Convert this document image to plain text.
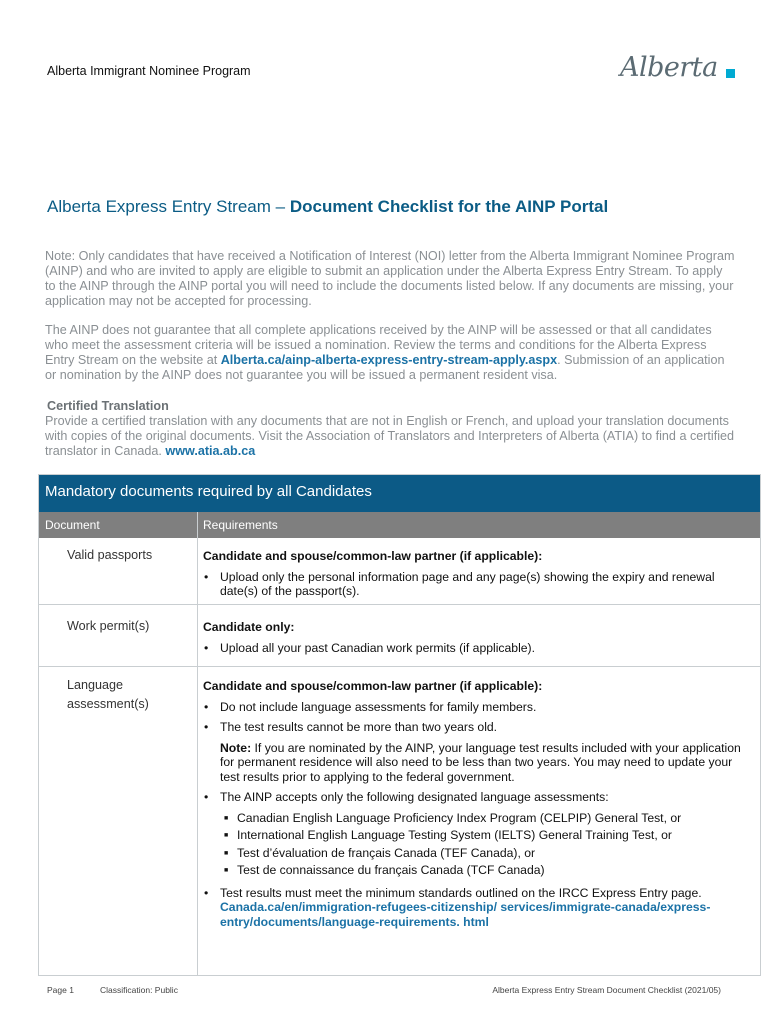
Alberta Immigrant Nominee Program	Alberta
Alberta Express Entry Stream – Document Checklist for the AINP Portal

Note: Only candidates that have received a Notification of Interest (NOI) letter from the Alberta Immigrant Nominee Program (AINP) and who are invited to apply are eligible to submit an application under the Alberta Express Entry Stream. To apply to the AINP through the AINP portal you will need to include the documents listed below. If any documents are missing, your application may not be accepted for processing.

The AINP does not guarantee that all complete applications received by the AINP will be assessed or that all candidates who meet the assessment criteria will be issued a nomination. Review the terms and conditions for the Alberta Express Entry Stream on the website at Alberta.ca/ainp-alberta-express-entry-stream-apply.aspx. Submission of an application or nomination by the AINP does not guarantee you will be issued a permanent resident visa.

Certified Translation

Provide a certified translation with any documents that are not in English or French, and upload your translation documents with copies of the original documents. Visit the Association of Translators and Interpreters of Alberta (ATIA) to find a certified translator in Canada. www.atia.ab.ca

Mandatory documents required by all Candidates
Document	Requirements
Valid passports	Candidate and spouse/common-law partner (if applicable):
• Upload only the personal information page and any page(s) showing the expiry and renewal date(s) of the passport(s).
Work permit(s)	Candidate only:
• Upload all your past Canadian work permits (if applicable).
Language assessment(s)
Candidate and spouse/common-law partner (if applicable):
• Do not include language assessments for family members.
• The test results cannot be more than two years old.
Note: If you are nominated by the AINP, your language test results included with your application for permanent residence will also need to be less than two years. You may need to update your test results prior to applying to the federal government.
• The AINP accepts only the following designated language assessments:
■ Canadian English Language Proficiency Index Program (CELPIP) General Test, or
■ International English Language Testing System (IELTS) General Training Test, or
■ Test d’évaluation de français Canada (TEF Canada), or
■ Test de connaissance du français Canada (TCF Canada)
• Test results must meet the minimum standards outlined on the IRCC Express Entry page. Canada.ca/en/immigration-refugees-citizenship/ services/immigrate-canada/express-entry/documents/language-requirements. html
Page 1	Classification: Public	Alberta Express Entry Stream Document Checklist (2021/05)
